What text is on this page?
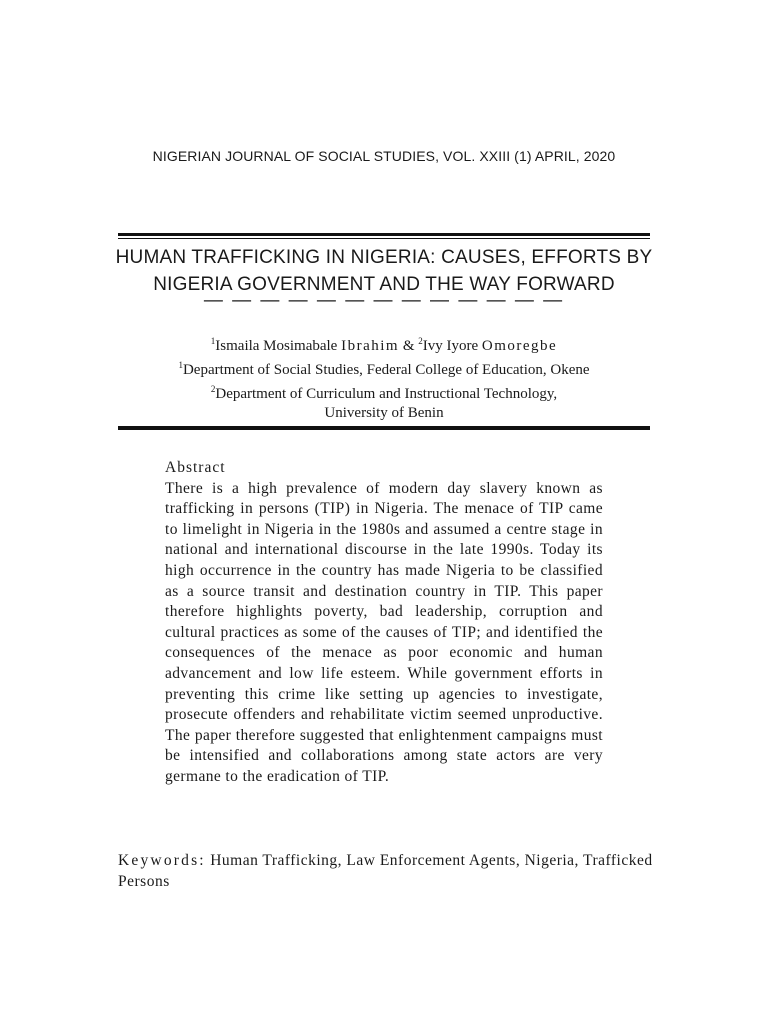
NIGERIAN JOURNAL OF SOCIAL STUDIES, VOL. XXIII (1) APRIL, 2020
HUMAN TRAFFICKING IN NIGERIA: CAUSES, EFFORTS BY NIGERIA GOVERNMENT AND THE WAY FORWARD
— — — — — — — — — — — — —
$^1$Ismaila Mosimabale Ibrahim & $^2$Ivy Iyore Omoregbe
$^1$Department of Social Studies, Federal College of Education, Okene
$^2$Department of Curriculum and Instructional Technology,
University of Benin
Abstract

There is a high prevalence of modern day slavery known as trafficking in persons (TIP) in Nigeria. The menace of TIP came to limelight in Nigeria in the 1980s and assumed a centre stage in national and international discourse in the late 1990s. Today its high occurrence in the country has made Nigeria to be classified as a source transit and destination country in TIP. This paper therefore highlights poverty, bad leadership, corruption and cultural practices as some of the causes of TIP; and identified the consequences of the menace as poor economic and human advancement and low life esteem. While government efforts in preventing this crime like setting up agencies to investigate, prosecute offenders and rehabilitate victim seemed unproductive. The paper therefore suggested that enlightenment campaigns must be intensified and collaborations among state actors are very germane to the eradication of TIP.

Keywords: Human Trafficking, Law Enforcement Agents, Nigeria, Trafficked Persons
